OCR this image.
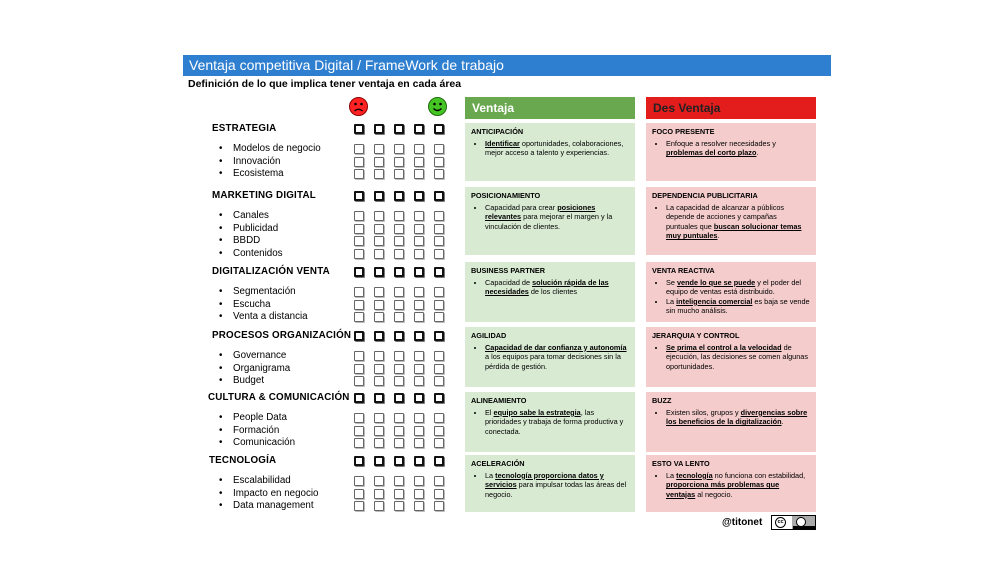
Ventaja competitiva Digital / FrameWork de trabajo
Definición de lo que implica tener ventaja en cada área
ESTRATEGIA
• Modelos de negocio
• Innovación
• Ecosistema
MARKETING DIGITAL
• Canales
• Publicidad
• BBDD
• Contenidos
DIGITALIZACIÓN VENTA
• Segmentación
• Escucha
• Venta a distancia
PROCESOS ORGANIZACIÓN
• Governance
• Organigrama
• Budget
CULTURA & COMUNICACIÓN
• People Data
• Formación
• Comunicación
TECNOLOGÍA
• Escalabilidad
• Impacto en negocio
• Data management
Ventaja	Des Ventaja
ANTICIPACIÓN
• Identificar oportunidades, colaboraciones, mejor acceso a talento y experiencias.
POSICIONAMIENTO
• Capacidad para crear posiciones relevantes para mejorar el margen y la vinculación de clientes.
BUSINESS PARTNER
• Capacidad de solución rápida de las necesidades de los clientes
AGILIDAD
• Capacidad de dar confianza y autonomía a los equipos para tomar decisiones sin la pérdida de gestión.
ALINEAMIENTO
• El equipo sabe la estrategia, las prioridades y trabaja de forma productiva y conectada.
ACELERACIÓN
• La tecnología proporciona datos y servicios para impulsar todas las áreas del negocio.
FOCO PRESENTE
• Enfoque a resolver necesidades y problemas del corto plazo.
DEPENDENCIA PUBLICITARIA
• La capacidad de alcanzar a públicos depende de acciones y campañas puntuales que buscan solucionar temas muy puntuales.
VENTA REACTIVA
• Se vende lo que se puede y el poder del equipo de ventas está distribuido.
• La inteligencia comercial es baja se vende sin mucho análisis.
JERARQUIA Y CONTROL
• Se prima el control a la velocidad de ejecución, las decisiones se comen algunas oportunidades.
BUZZ
• Existen silos, grupos y divergencias sobre los beneficios de la digitalización.
ESTO VA LENTO
• La tecnología no funciona con estabilidad, proporciona más problemas que ventajas al negocio.
@titonet	cc
